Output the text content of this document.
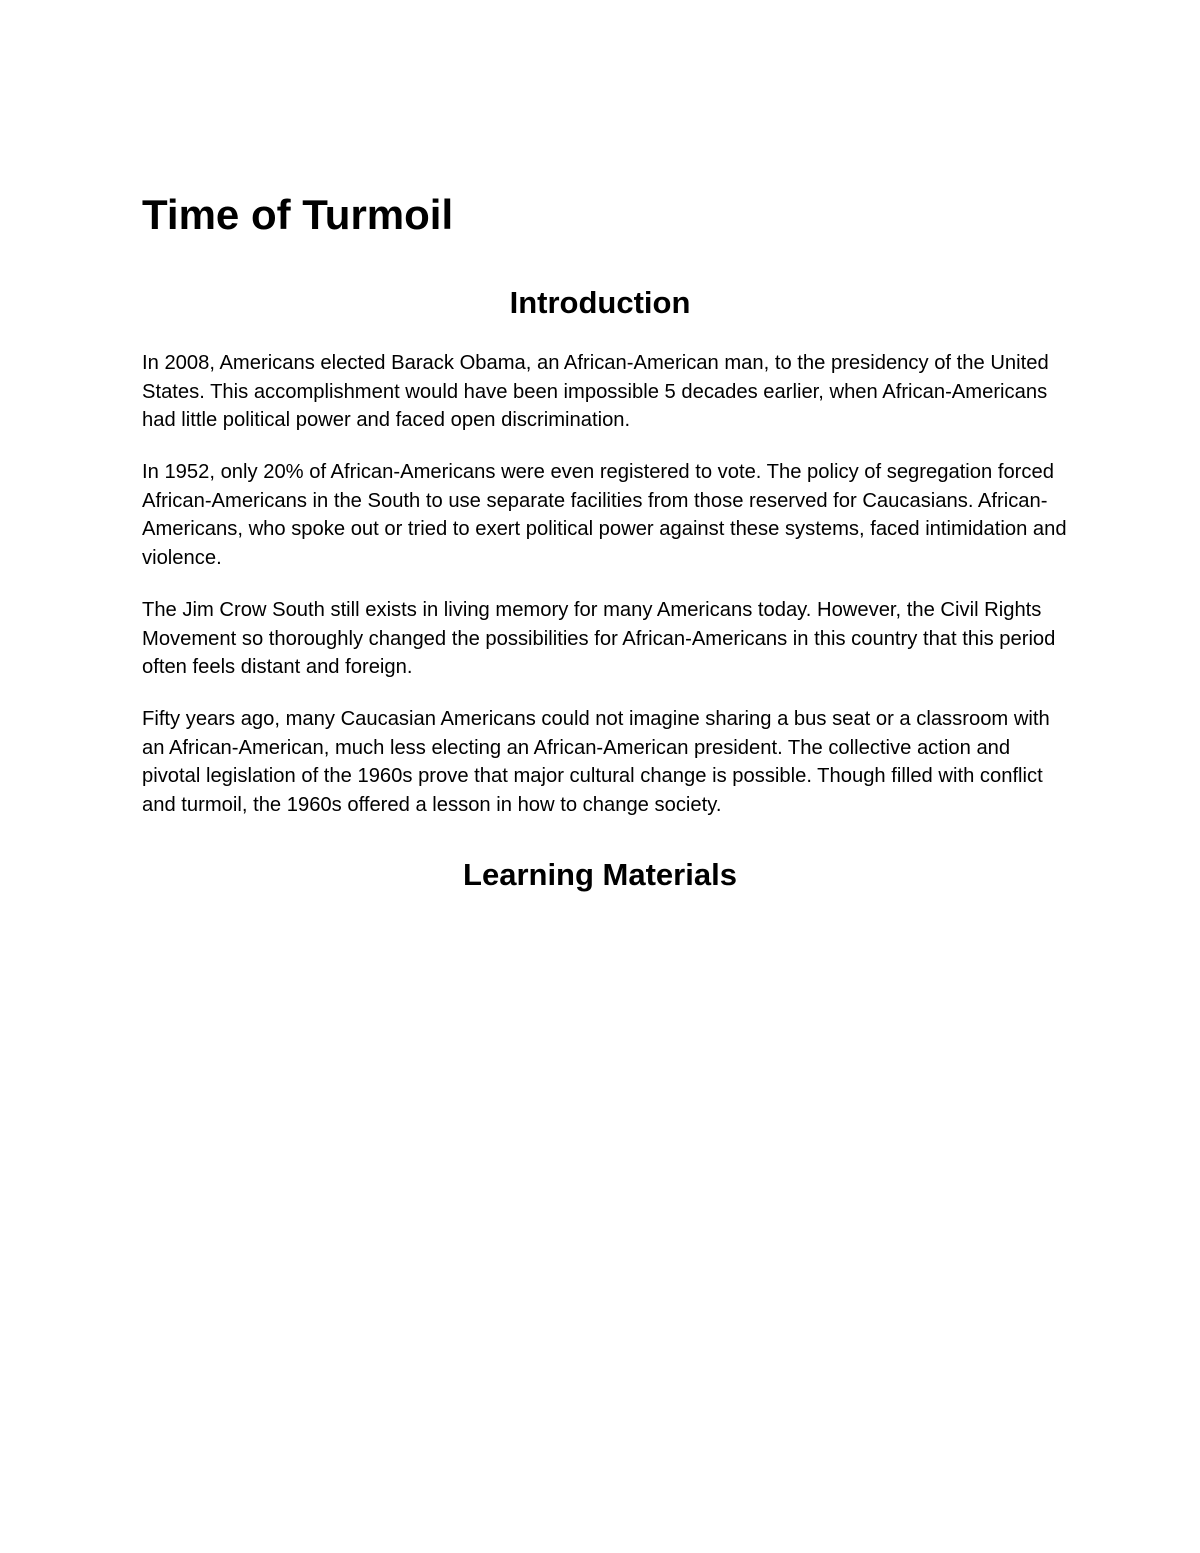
Time of Turmoil
Introduction

In 2008, Americans elected Barack Obama, an African-American man, to the presidency of the United States. This accomplishment would have been impossible 5 decades earlier, when African-Americans had little political power and faced open discrimination.

In 1952, only 20% of African-Americans were even registered to vote. The policy of segregation forced African-Americans in the South to use separate facilities from those reserved for Caucasians. African-Americans, who spoke out or tried to exert political power against these systems, faced intimidation and violence.

The Jim Crow South still exists in living memory for many Americans today. However, the Civil Rights Movement so thoroughly changed the possibilities for African-Americans in this country that this period often feels distant and foreign.

Fifty years ago, many Caucasian Americans could not imagine sharing a bus seat or a classroom with an African-American, much less electing an African-American president. The collective action and pivotal legislation of the 1960s prove that major cultural change is possible. Though filled with conflict and turmoil, the 1960s offered a lesson in how to change society.

Learning Materials
